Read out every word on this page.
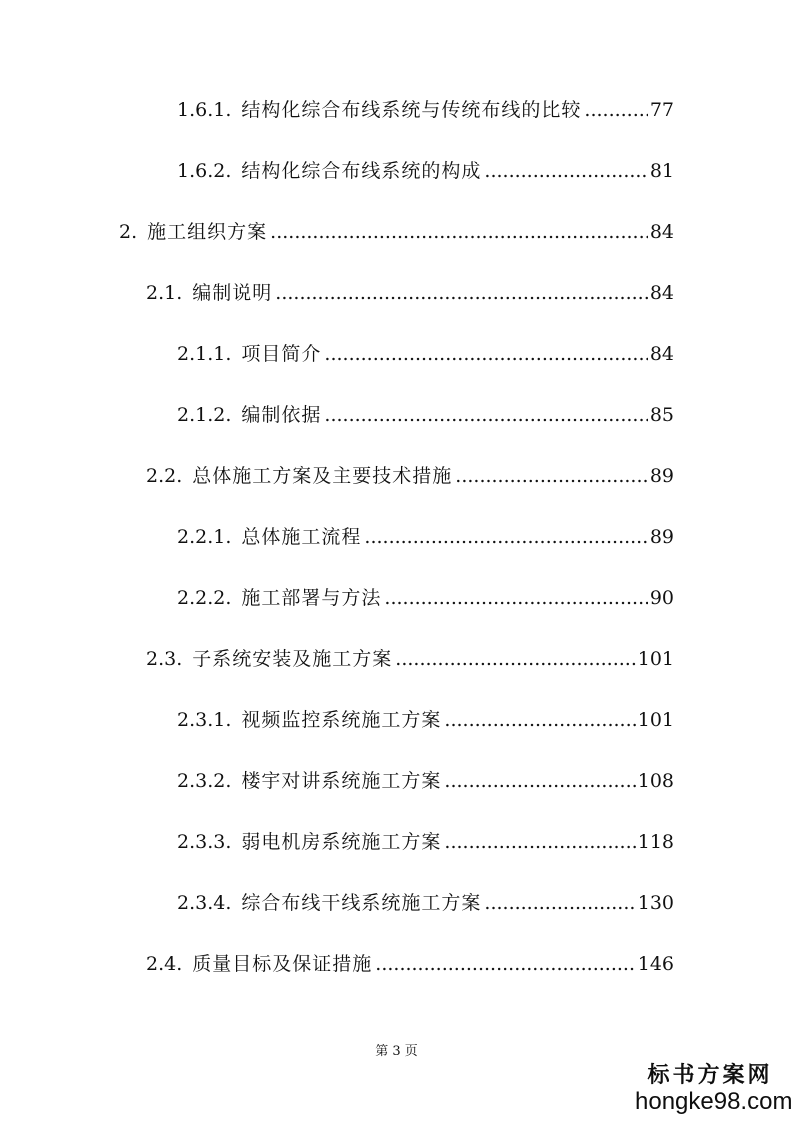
1.6.1. 结构化综合布线系统与传统布线的比较 .....	77
1.6.2. 结构化综合布线系统的构成 .....	81
2. 施工组织方案 .....	84
2.1. 编制说明 .....	84
2.1.1. 项目简介 .....	84
2.1.2. 编制依据 .....	85
2.2. 总体施工方案及主要技术措施 .....	89
2.2.1. 总体施工流程 .....	89
2.2.2. 施工部署与方法 .....	90
2.3. 子系统安装及施工方案 .....	101
2.3.1. 视频监控系统施工方案 .....	101
2.3.2. 楼宇对讲系统施工方案 .....	108
2.3.3. 弱电机房系统施工方案 .....	118
2.3.4. 综合布线干线系统施工方案 .....	130
2.4. 质量目标及保证措施 .....	146
第 3 页
标书方案网
hongke98.com
